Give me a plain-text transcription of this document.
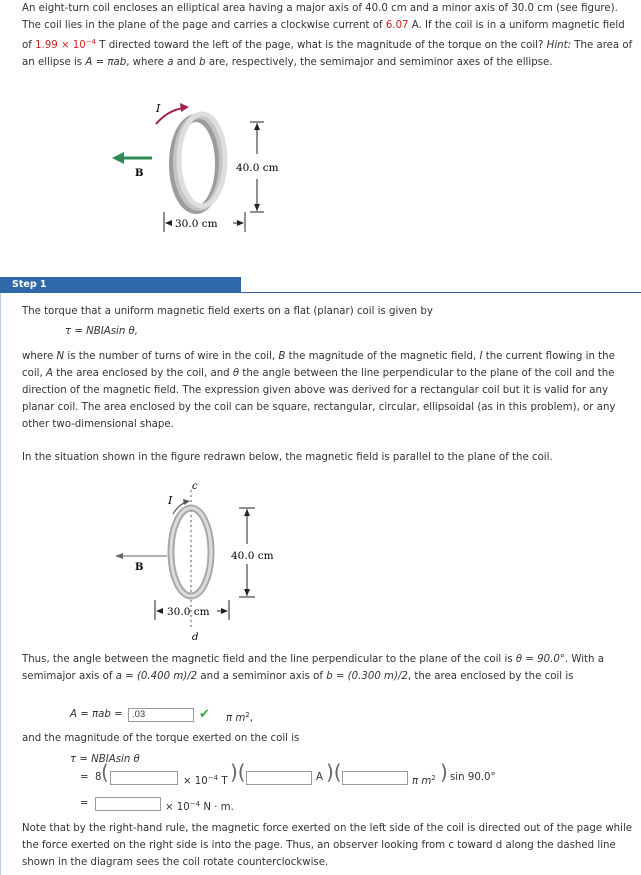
An eight-turn coil encloses an elliptical area having a major axis of 40.0 cm and a minor axis of 30.0 cm (see figure). The coil lies in the plane of the page and carries a clockwise current of 6.07 A. If the coil is in a uniform magnetic field of $1.99 \times 10^{-4}$ T directed toward the left of the page, what is the magnitude of the torque on the coil? Hint: The area of an ellipse is A = πab, where a and b are, respectively, the semimajor and semiminor axes of the ellipse.

I
B	40.0 cm
30.0 cm
Step 1

The torque that a uniform magnetic field exerts on a flat (planar) coil is given by

τ = NBIAsin θ,

where N is the number of turns of wire in the coil, B the magnitude of the magnetic field, I the current flowing in the coil, A the area enclosed by the coil, and θ the angle between the line perpendicular to the plane of the coil and the direction of the magnetic field. The expression given above was derived for a rectangular coil but it is valid for any planar coil. The area enclosed by the coil can be square, rectangular, circular, ellipsoidal (as in this problem), or any other two-dimensional shape.

In the situation shown in the figure redrawn below, the magnetic field is parallel to the plane of the coil.

c
d
I
B
40.0 cm
30.0 cm

Thus, the angle between the magnetic field and the line perpendicular to the plane of the coil is θ = 90.0°. With a semimajor axis of a = (0.400 m)/2 and a semiminor axis of b = (0.300 m)/2, the area enclosed by the coil is

A = πab =
.03	✔ π $m^2$,

and the magnitude of the torque exerted on the coil is

τ = NBIAsin θ
= 8 (	× $10^{-4}$ T )(	A )(	π $m^2$ ) sin 90.0°
=	× $10^{-4}$ N · m.

Note that by the right-hand rule, the magnetic force exerted on the left side of the coil is directed out of the page while the force exerted on the right side is into the page. Thus, an observer looking from c toward d along the dashed line shown in the diagram sees the coil rotate counterclockwise.
